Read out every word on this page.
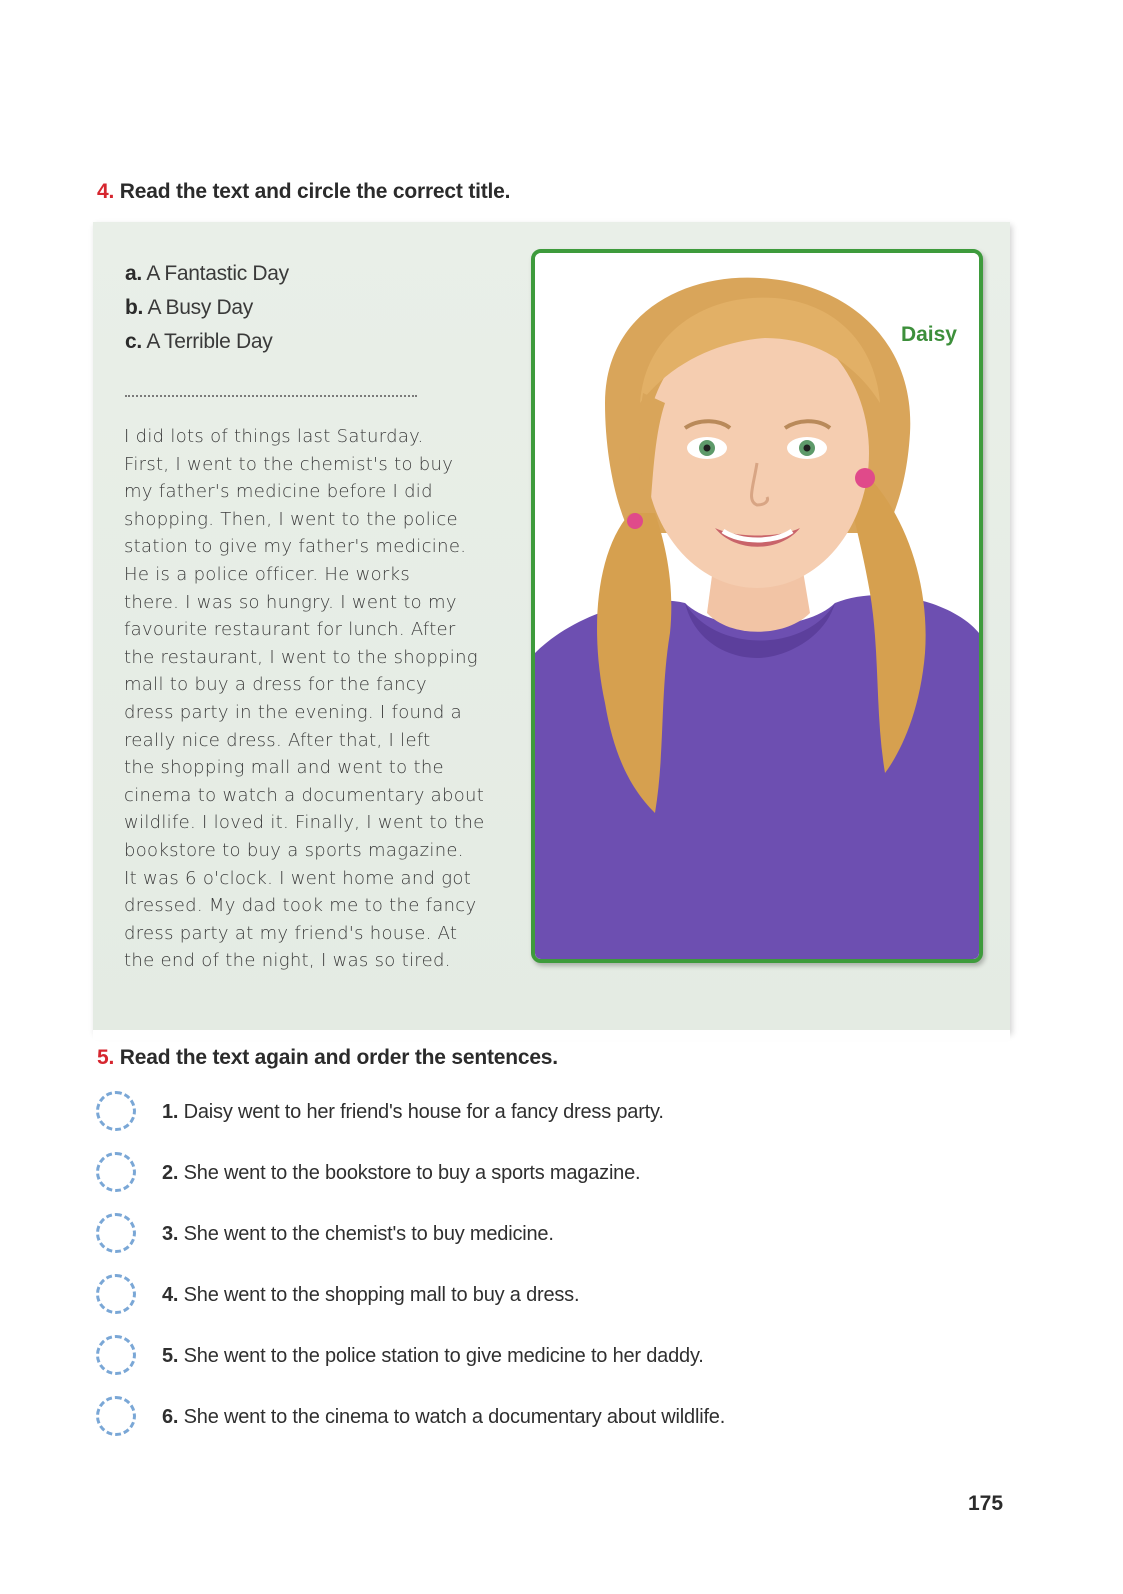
4. Read the text and circle the correct title.
a. A Fantastic Day
b. A Busy Day
c. A Terrible Day
I did lots of things last Saturday.
First, I went to the chemist's to buy
my father's medicine before I did
shopping. Then, I went to the police
station to give my father's medicine.
He is a police officer. He works
there. I was so hungry. I went to my
favourite restaurant for lunch. After
the restaurant, I went to the shopping
mall to buy a dress for the fancy
dress party in the evening. I found a
really nice dress. After that, I left
the shopping mall and went to the
cinema to watch a documentary about
wildlife. I loved it. Finally, I went to the
bookstore to buy a sports magazine.
It was 6 o'clock. I went home and got
dressed. My dad took me to the fancy
dress party at my friend's house. At
the end of the night, I was so tired.
Daisy
5. Read the text again and order the sentences.
1. Daisy went to her friend's house for a fancy dress party.
2. She went to the bookstore to buy a sports magazine.
3. She went to the chemist's to buy medicine.
4. She went to the shopping mall to buy a dress.
5. She went to the police station to give medicine to her daddy.
6. She went to the cinema to watch a documentary about wildlife.
175
